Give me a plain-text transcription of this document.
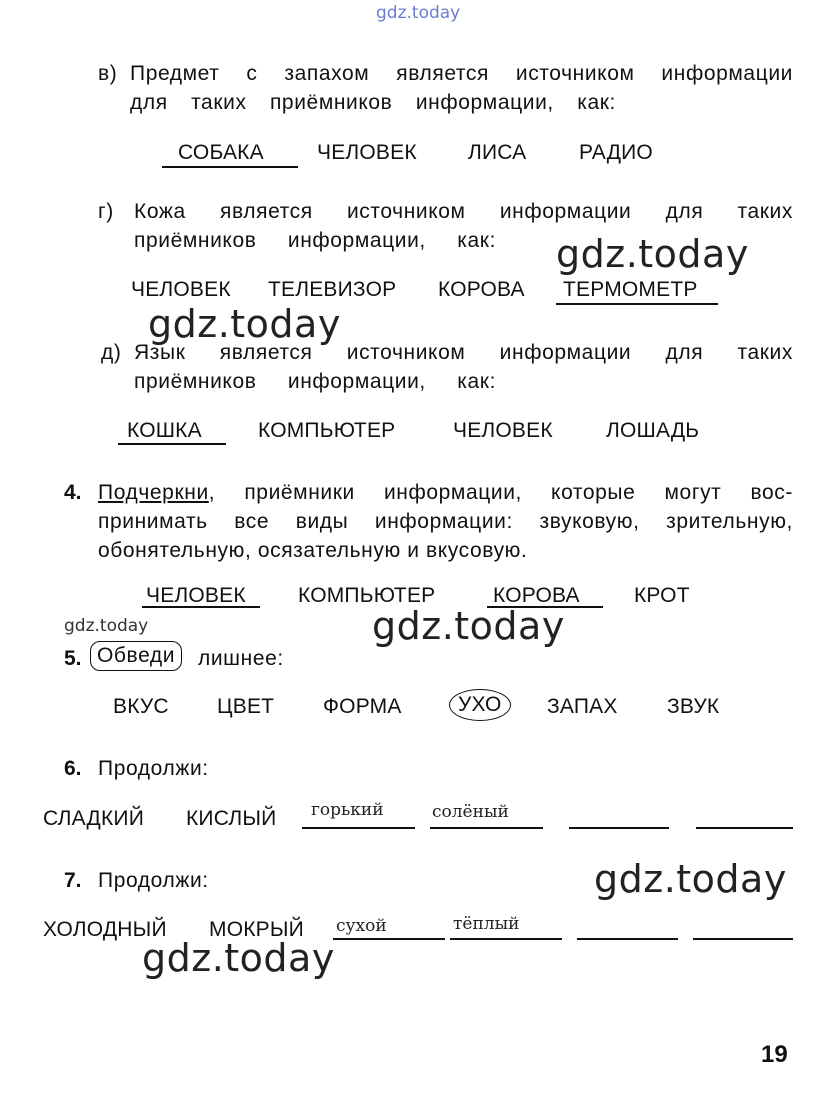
gdz.today
в) Предмет с запахом является источником информации
для таких приёмников информации, как:
СОБАКА	ЧЕЛОВЕК ЛИСА	РАДИО
г) Кожа является источником информации для таких
приёмников информации, как: gdz.today
ЧЕЛОВЕК ТЕЛЕВИЗОР КОРОВА ТЕРМОМЕТР
gdz.today
д) Язык является источником информации для таких
приёмников информации, как:
КОШКА	КОМПЬЮТЕР	ЧЕЛОВЕК	ЛОШАДЬ
4. Подчеркни , приёмники информации, которые могут вос-
принимать все виды информации: звуковую, зрительную,
обонятельную, осязательную и вкусовую.
ЧЕЛОВЕК КОМПЬЮТЕР	КОРОВА	КРОТ
gdz.today	gdz.today
5. Обведи	лишнее:
ВКУС ЦВЕТ ФОРМА	УХО	ЗАПАХ ЗВУК
6. Продолжи:
СЛАДКИЙ КИСЛЫЙ горький	солёный
7. Продолжи:	gdz.today
ХОЛОДНЫЙ МОКРЫЙ сухой	тёплый
gdz.today
19
